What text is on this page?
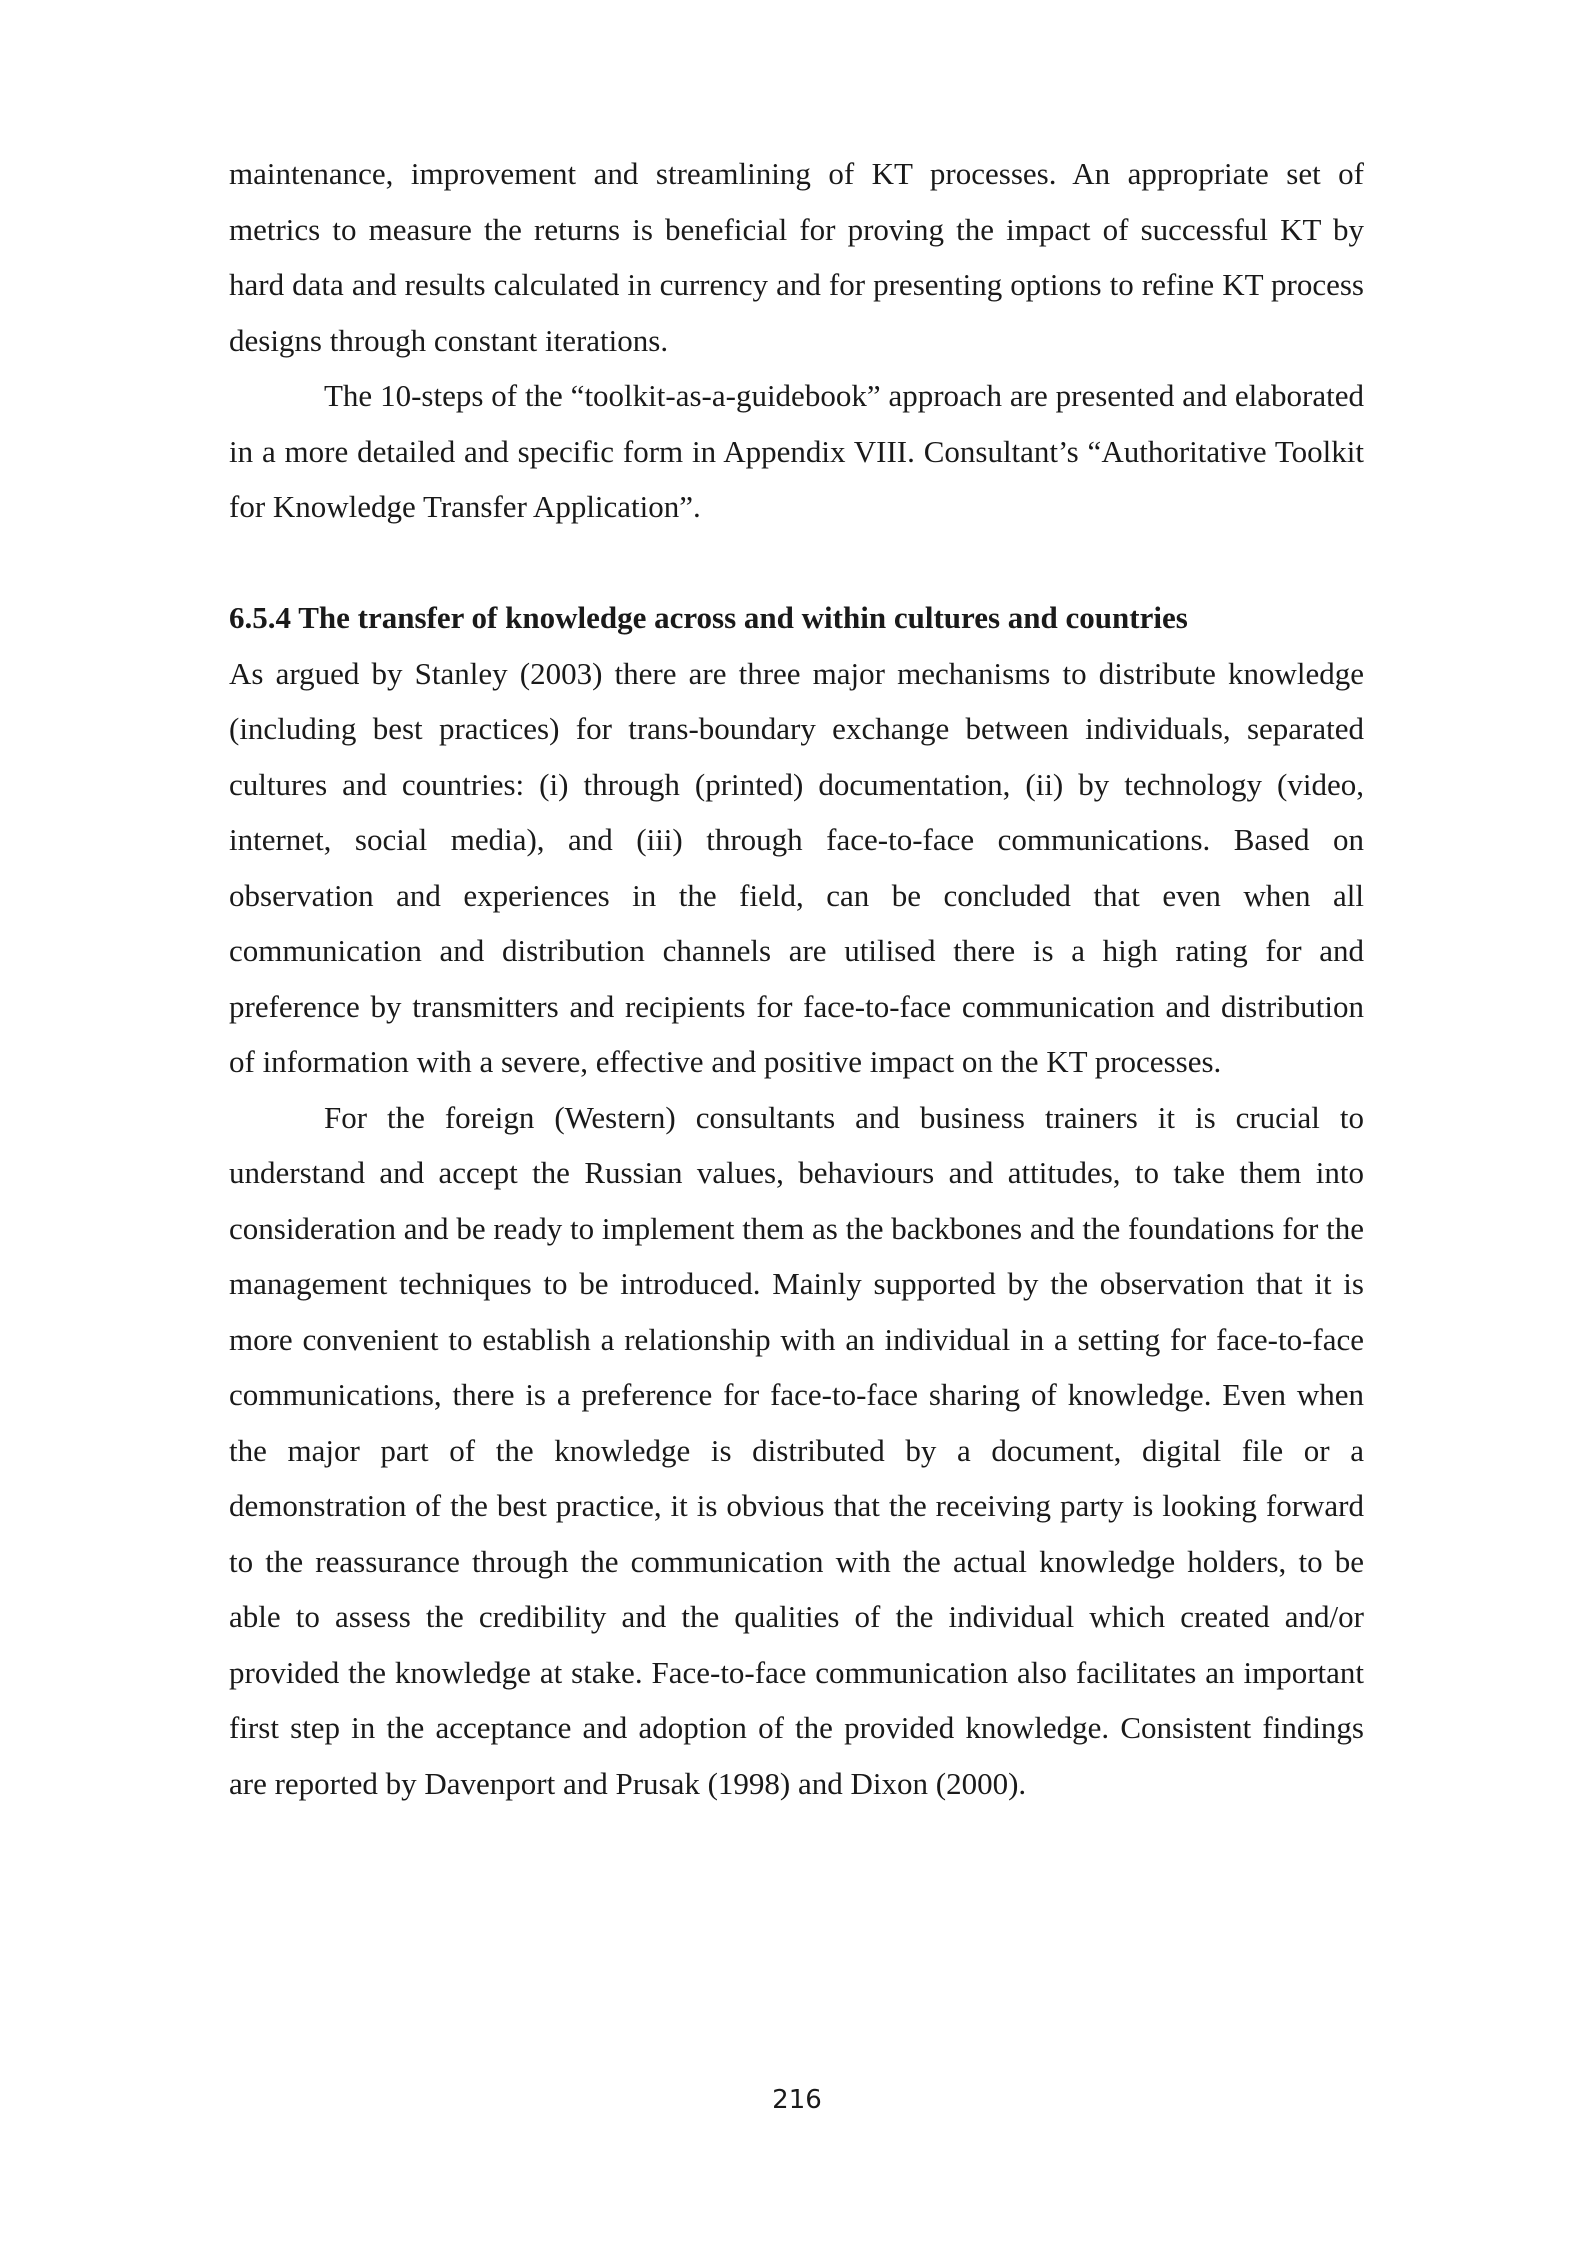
maintenance, improvement and streamlining of KT processes. An appropriate set of metrics to measure the returns is beneficial for proving the impact of successful KT by hard data and results calculated in currency and for presenting options to refine KT process designs through constant iterations.

The 10-steps of the “toolkit-as-a-guidebook” approach are presented and elaborated in a more detailed and specific form in Appendix VIII. Consultant’s “Authoritative Toolkit for Knowledge Transfer Application”.

6.5.4 The transfer of knowledge across and within cultures and countries

As argued by Stanley (2003) there are three major mechanisms to distribute knowledge (including best practices) for trans-boundary exchange between individuals, separated cultures and countries: (i) through (printed) documentation, (ii) by technology (video, internet, social media), and (iii) through face-to-face communications. Based on observation and experiences in the field, can be concluded that even when all communication and distribution channels are utilised there is a high rating for and preference by transmitters and recipients for face-to-face communication and distribution of information with a severe, effective and positive impact on the KT processes.

For the foreign (Western) consultants and business trainers it is crucial to understand and accept the Russian values, behaviours and attitudes, to take them into consideration and be ready to implement them as the backbones and the foundations for the management techniques to be introduced. Mainly supported by the observation that it is more convenient to establish a relationship with an individual in a setting for face-to-face communications, there is a preference for face-to-face sharing of knowledge. Even when the major part of the knowledge is distributed by a document, digital file or a demonstration of the best practice, it is obvious that the receiving party is looking forward to the reassurance through the communication with the actual knowledge holders, to be able to assess the credibility and the qualities of the individual which created and/or provided the knowledge at stake. Face-to-face communication also facilitates an important first step in the acceptance and adoption of the provided knowledge. Consistent findings are reported by Davenport and Prusak (1998) and Dixon (2000).

216
